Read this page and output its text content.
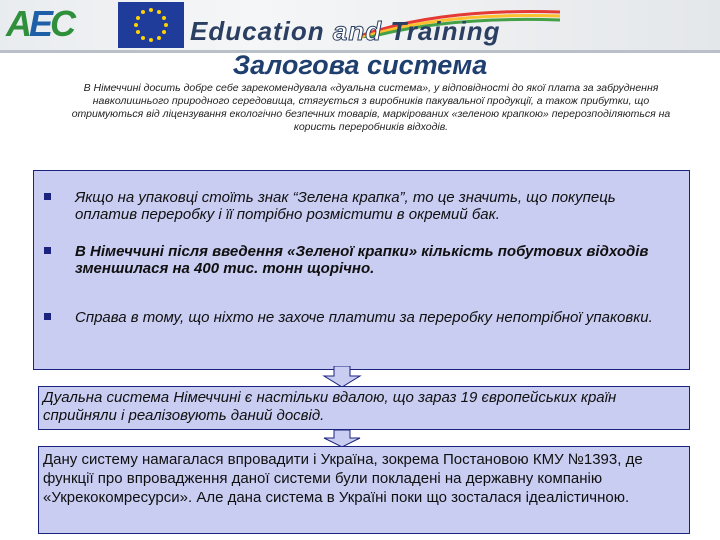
AEC	Education and Training
Залогова система
В Німеччині досить добре себе зарекомендувала «дуальна система», у відповідності до якої плата за забруднення навколишнього природного середовища, стягується з виробників пакувальної продукції, а також прибутки, що отримуються від ліцензування екологічно безпечних товарів, маркірованих «зеленою крапкою» перерозподіляються на користь переробників відходів.
Якщо на упаковці стоїть знак “Зелена крапка”, то це значить, що покупець оплатив переробку і її потрібно розмістити в окремий бак.
В Німеччині після введення «Зеленої крапки» кількість побутових відходів зменшилася на 400 тис. тонн щорічно.
Справа в тому, що ніхто не захоче платити за переробку непотрібної упаковки.
Дуальна система Німеччині є настільки вдалою, що зараз 19 європейських країн сприйняли і реалізовують даний досвід.
Дану систему намагалася впровадити і Україна, зокрема Постановою КМУ №1393, де функції про впровадження даної системи були покладені на державну компанію «Укрекокомресурси». Але дана система в Україні поки що зосталася ідеалістичною.
